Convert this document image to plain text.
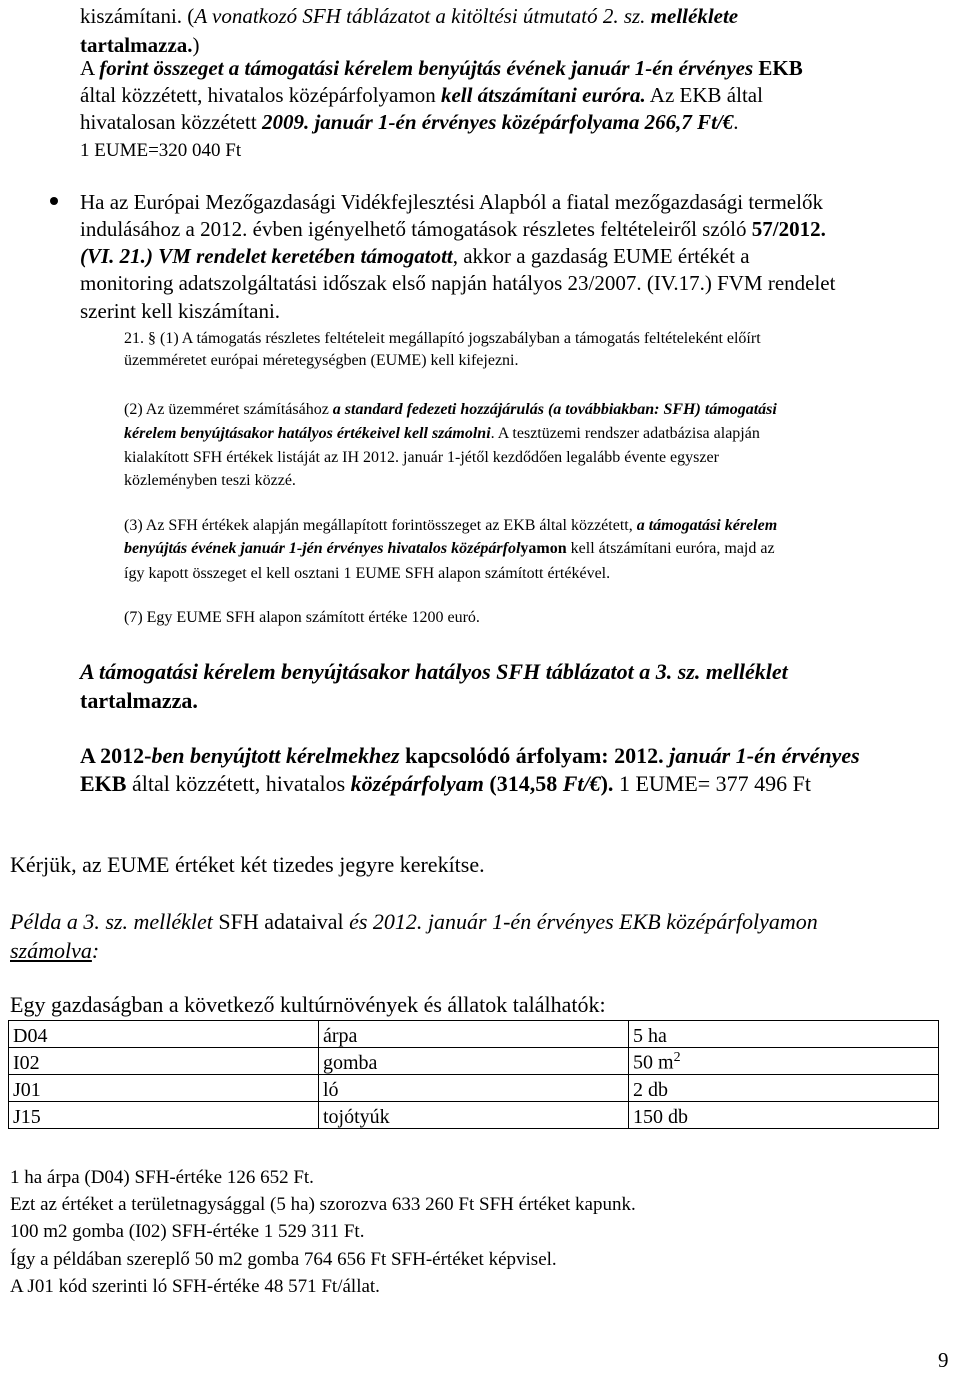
kiszámítani. (A vonatkozó SFH táblázatot a kitöltési útmutató 2. sz. melléklete
tartalmazza.)
A forint összeget a támogatási kérelem benyújtás évének január 1-én érvényes EKB
által közzétett, hivatalos középárfolyamon kell átszámítani euróra. Az EKB által
hivatalosan közzétett 2009. január 1-én érvényes középárfolyama 266,7 Ft/€.
1 EUME=320 040 Ft
Ha az Európai Mezőgazdasági Vidékfejlesztési Alapból a fiatal mezőgazdasági termelők
indulásához a 2012. évben igényelhető támogatások részletes feltételeiről szóló 57/2012.
(VI. 21.) VM rendelet keretében támogatott, akkor a gazdaság EUME értékét a
monitoring adatszolgáltatási időszak első napján hatályos 23/2007. (IV.17.) FVM rendelet
szerint kell kiszámítani.
21. § (1) A támogatás részletes feltételeit megállapító jogszabályban a támogatás feltételeként előírt
üzemméretet európai méretegységben (EUME) kell kifejezni.
(2) Az üzemméret számításához a standard fedezeti hozzájárulás (a továbbiakban: SFH) támogatási
kérelem benyújtásakor hatályos értékeivel kell számolni. A tesztüzemi rendszer adatbázisa alapján
kialakított SFH értékek listáját az IH 2012. január 1-jétől kezdődően legalább évente egyszer
közleményben teszi közzé.
(3) Az SFH értékek alapján megállapított forintösszeget az EKB által közzétett, a támogatási kérelem
benyújtás évének január 1-jén érvényes hivatalos középárfolyamon kell átszámítani euróra, majd az
így kapott összeget el kell osztani 1 EUME SFH alapon számított értékével.
(7) Egy EUME SFH alapon számított értéke 1200 euró.
A támogatási kérelem benyújtásakor hatályos SFH táblázatot a 3. sz. melléklet
tartalmazza.
A 2012-ben benyújtott kérelmekhez kapcsolódó árfolyam: 2012. január 1-én érvényes
EKB által közzétett, hivatalos középárfolyam (314,58 Ft/€). 1 EUME= 377 496 Ft
Kérjük, az EUME értéket két tizedes jegyre kerekítse.
Példa a 3. sz. melléklet SFH adataival és 2012. január 1-én érvényes EKB középárfolyamon
számolva:
Egy gazdaságban a következő kultúrnövények és állatok találhatók:
D04	árpa	5 ha
I02	gomba	50 $m^2$
J01	ló	2 db
J15	tojótyúk	150 db
1 ha árpa (D04) SFH-értéke 126 652 Ft.
Ezt az értéket a területnagysággal (5 ha) szorozva 633 260 Ft SFH értéket kapunk.
100 m2 gomba (I02) SFH-értéke 1 529 311 Ft.
Így a példában szereplő 50 m2 gomba 764 656 Ft SFH-értéket képvisel.
A J01 kód szerinti ló SFH-értéke 48 571 Ft/állat.
9
